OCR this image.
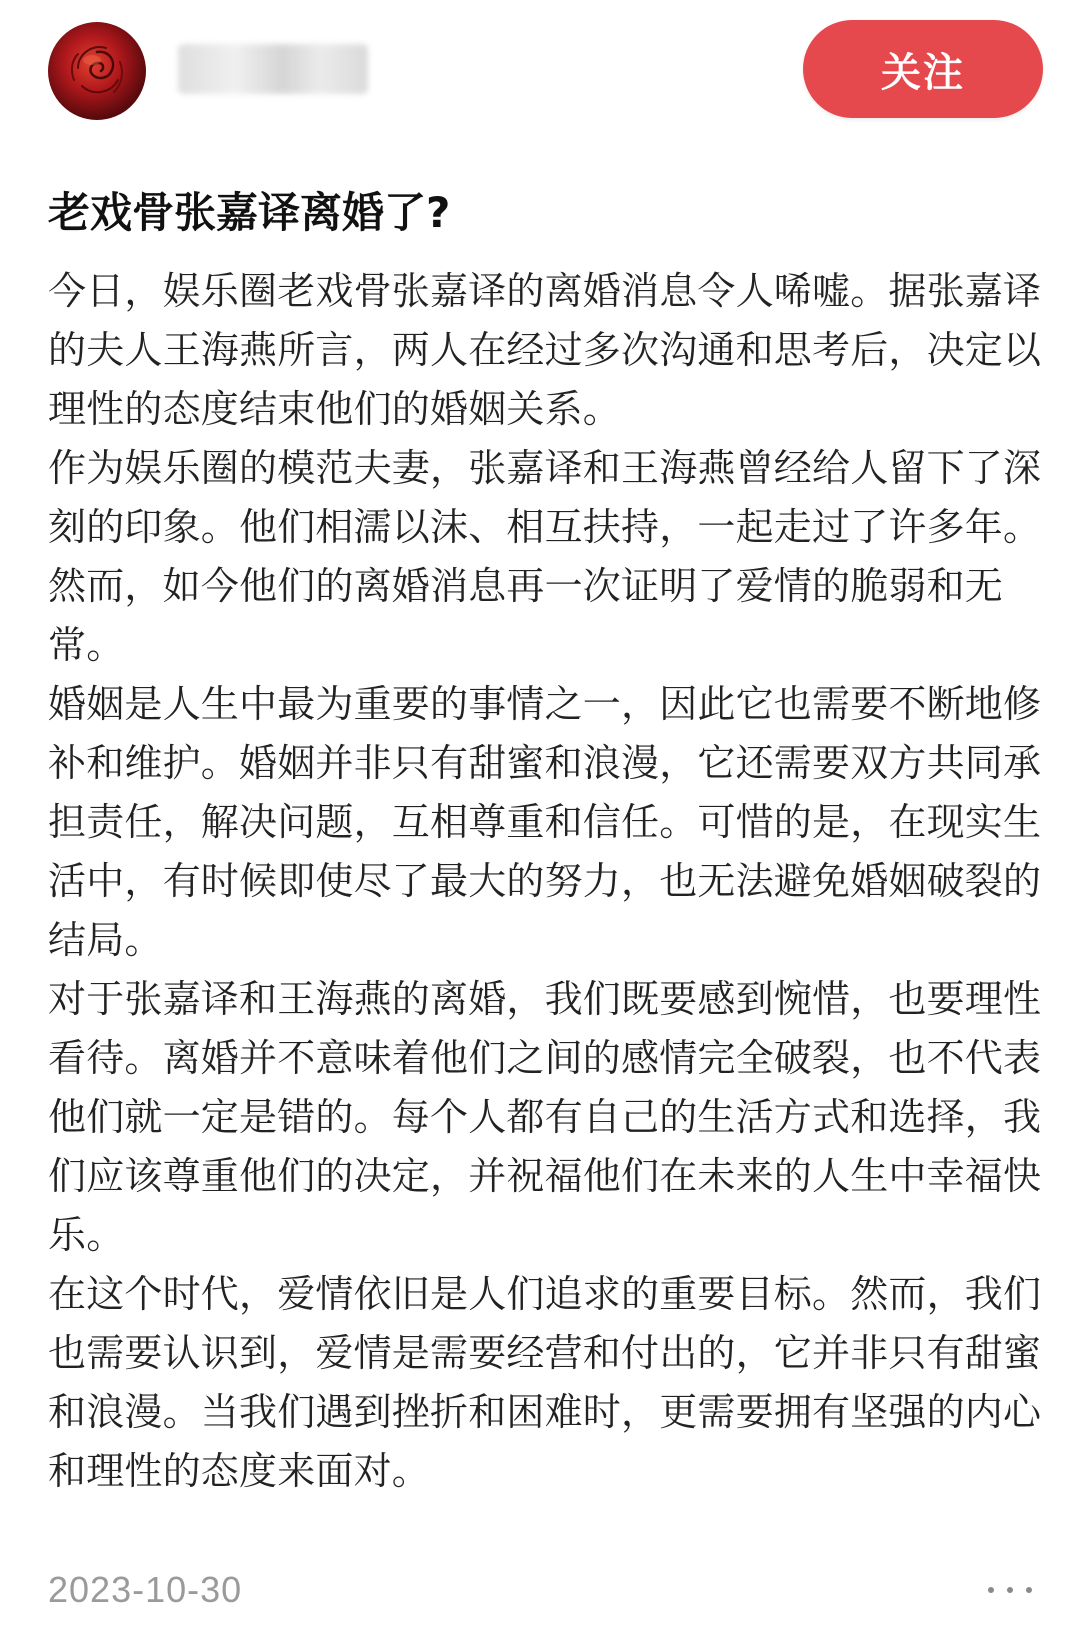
关注
老戏骨张嘉译离婚了?

今日，娱乐圈老戏骨张嘉译的离婚消息令人唏嘘。据张嘉译的夫人王海燕所言，两人在经过多次沟通和思考后，决定以理性的态度结束他们的婚姻关系。

作为娱乐圈的模范夫妻，张嘉译和王海燕曾经给人留下了深刻的印象。他们相濡以沫、相互扶持，一起走过了许多年。然而，如今他们的离婚消息再一次证明了爱情的脆弱和无常。

婚姻是人生中最为重要的事情之一，因此它也需要不断地修补和维护。婚姻并非只有甜蜜和浪漫，它还需要双方共同承担责任，解决问题，互相尊重和信任。可惜的是，在现实生活中，有时候即使尽了最大的努力，也无法避免婚姻破裂的结局。

对于张嘉译和王海燕的离婚，我们既要感到惋惜，也要理性看待。离婚并不意味着他们之间的感情完全破裂，也不代表他们就一定是错的。每个人都有自己的生活方式和选择，我们应该尊重他们的决定，并祝福他们在未来的人生中幸福快乐。

在这个时代，爱情依旧是人们追求的重要目标。然而，我们也需要认识到，爱情是需要经营和付出的，它并非只有甜蜜和浪漫。当我们遇到挫折和困难时，更需要拥有坚强的内心和理性的态度来面对。

2023-10-30
